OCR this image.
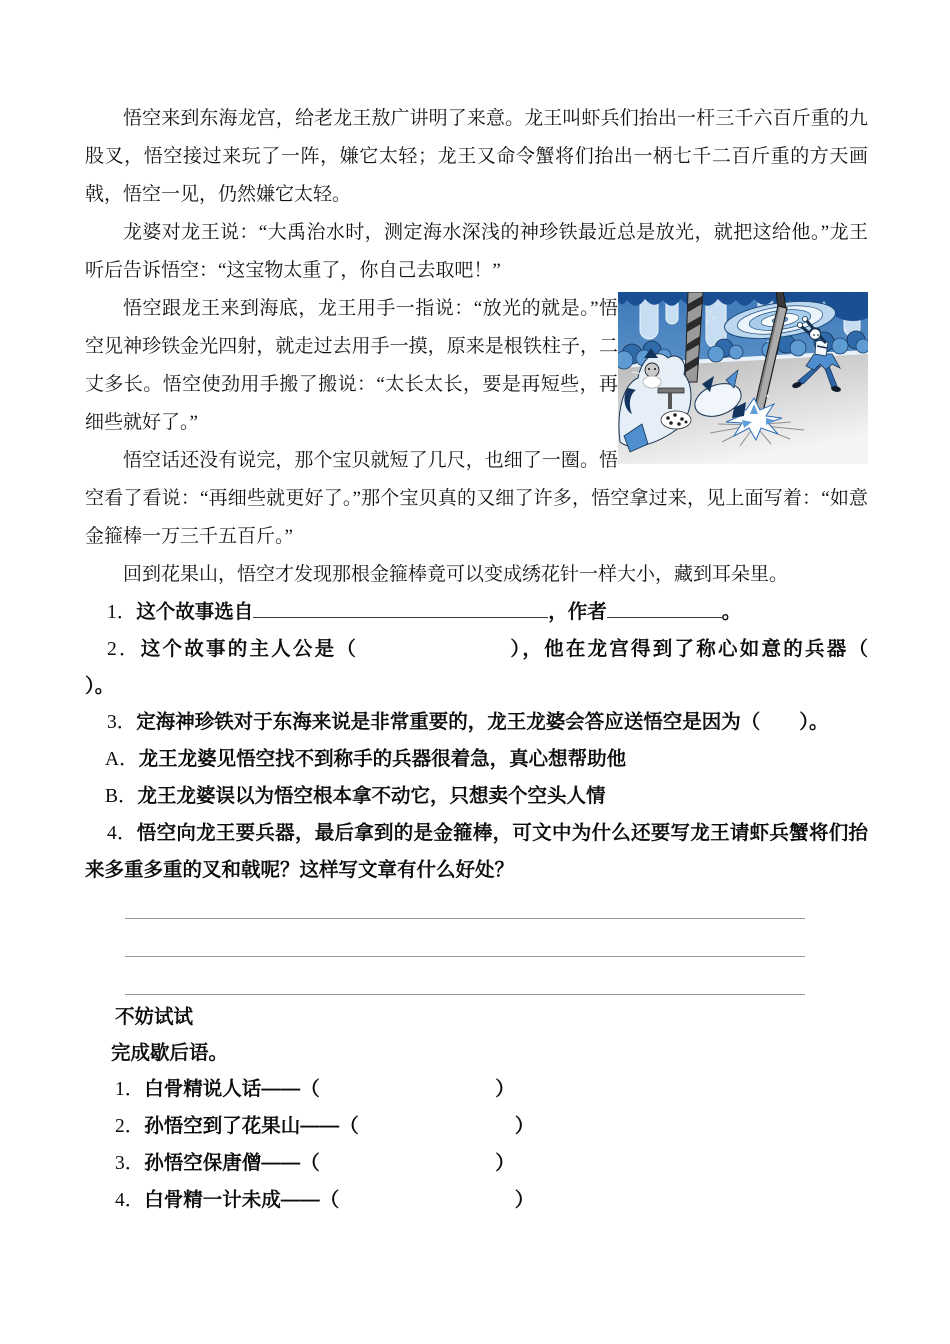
悟空来到东海龙宫，给老龙王敖广讲明了来意。龙王叫虾兵们抬出一杆三千六百斤重的九股叉，悟空接过来玩了一阵，嫌它太轻；龙王又命令蟹将们抬出一柄七千二百斤重的方天画戟，悟空一见，仍然嫌它太轻。

龙婆对龙王说：“大禹治水时，测定海水深浅的神珍铁最近总是放光，就把这给他。”龙王听后告诉悟空：“这宝物太重了，你自己去取吧！”

悟空跟龙王来到海底，龙王用手一指说：“放光的就是。”悟空见神珍铁金光四射，就走过去用手一摸，原来是根铁柱子，二丈多长。悟空使劲用手搬了搬说：“太长太长，要是再短些，再细些就好了。”

悟空话还没有说完，那个宝贝就短了几尺，也细了一圈。悟空看了看说：“再细些就更好了。”那个宝贝真的又细了许多，悟空拿过来，见上面写着：“如意金箍棒一万三千五百斤。”

回到花果山，悟空才发现那根金箍棒竟可以变成绣花针一样大小，藏到耳朵里。

1．这个故事选自	，作者	。
2．这个故事的主人公是（　　　　　　　），他在龙宫得到了称心如意的兵器（
）。
3．定海神珍铁对于东海来说是非常重要的，龙王龙婆会答应送悟空是因为（　　）。
A．龙王龙婆见悟空找不到称手的兵器很着急，真心想帮助他
B．龙王龙婆误以为悟空根本拿不动它，只想卖个空头人情
4．悟空向龙王要兵器，最后拿到的是金箍棒，可文中为什么还要写龙王请虾兵蟹将们抬来多重多重的叉和戟呢？这样写文章有什么好处？
不妨试试
完成歇后语。
1．白骨精说人话——（　　　　　　　　　）
2．孙悟空到了花果山——（　　　　　　　　）
3．孙悟空保唐僧——（　　　　　　　　　）
4．白骨精一计未成——（　　　　　　　　　）
